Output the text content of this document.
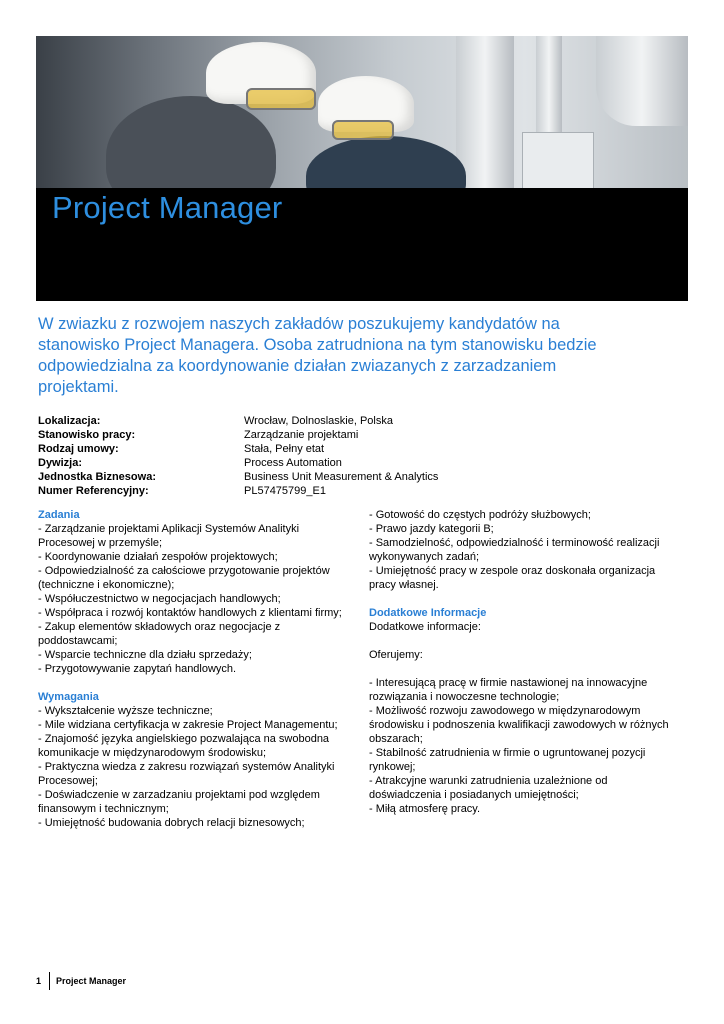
Project Manager

W zwiazku z rozwojem naszych zakładów poszukujemy kandydatów na stanowisko Project Managera. Osoba zatrudniona na tym stanowisku bedzie odpowiedzialna za koordynowanie działan zwiazanych z zarzadzaniem projektami.

Lokalizacja:	Wrocław, Dolnoslaskie, Polska
Stanowisko pracy:	Zarządzanie projektami
Rodzaj umowy:	Stała, Pełny etat
Dywizja:	Process Automation
Jednostka Biznesowa:	Business Unit Measurement & Analytics
Numer Referencyjny:	PL57475799_E1

Zadania

- Zarządzanie projektami Aplikacji Systemów Analityki

Procesowej w przemyśle;

- Koordynowanie działań zespołów projektowych;

- Odpowiedzialność za całościowe przygotowanie projektów

(techniczne i ekonomiczne);

- Współuczestnictwo w negocjacjach handlowych;

- Współpraca i rozwój kontaktów handlowych z klientami firmy;

- Zakup elementów składowych oraz negocjacje z

poddostawcami;

- Wsparcie techniczne dla działu sprzedaży;

- Przygotowywanie zapytań handlowych.

Wymagania

- Wykształcenie wyższe techniczne;

- Mile widziana certyfikacja w zakresie Project Managementu;

- Znajomość języka angielskiego pozwalająca na swobodna

komunikacje w międzynarodowym środowisku;

- Praktyczna wiedza z zakresu rozwiązań systemów Analityki

Procesowej;

- Doświadczenie w zarzadzaniu projektami pod względem

finansowym i technicznym;

- Umiejętność budowania dobrych relacji biznesowych;

- Gotowość do częstych podróży służbowych;

- Prawo jazdy kategorii B;

- Samodzielność, odpowiedzialność i terminowość realizacji

wykonywanych zadań;

- Umiejętność pracy w zespole oraz doskonała organizacja

pracy własnej.

Dodatkowe Informacje

Dodatkowe informacje:

Oferujemy:

- Interesującą pracę w firmie nastawionej na innowacyjne

rozwiązania i nowoczesne technologie;

- Możliwość rozwoju zawodowego w międzynarodowym

środowisku i podnoszenia kwalifikacji zawodowych w różnych

obszarach;

- Stabilność zatrudnienia w firmie o ugruntowanej pozycji

rynkowej;

- Atrakcyjne warunki zatrudnienia uzależnione od

doświadczenia i posiadanych umiejętności;

- Miłą atmosferę pracy.

1	Project Manager
